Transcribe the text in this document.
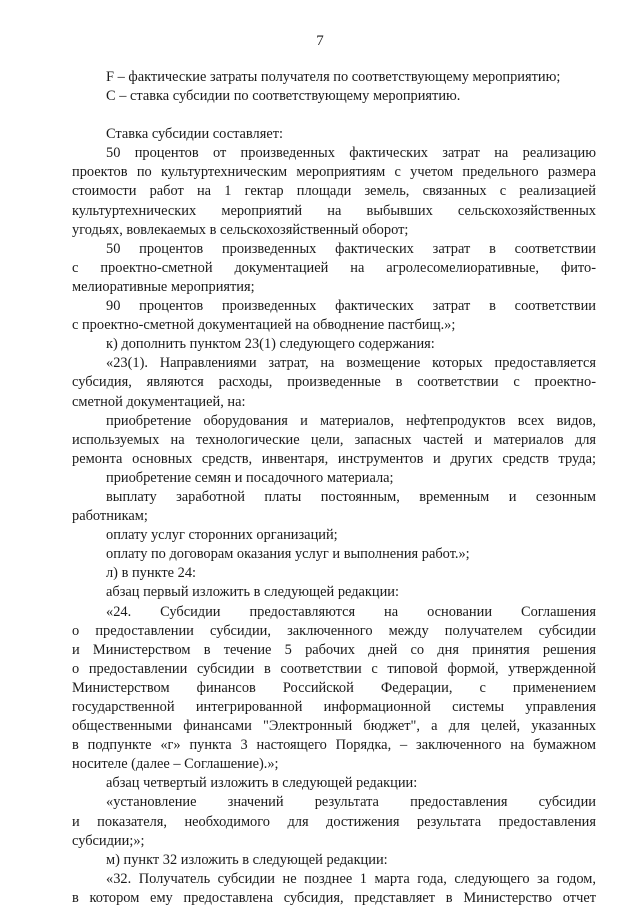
7
F – фактические затраты получателя по соответствующему мероприятию;
C – ставка субсидии по соответствующему мероприятию.
Ставка субсидии составляет:
50 процентов от произведенных фактических затрат на реализацию
проектов по культуртехническим мероприятиям с учетом предельного размера
стоимости работ на 1 гектар площади земель, связанных с реализацией
культуртехнических мероприятий на выбывших сельскохозяйственных
угодьях, вовлекаемых в сельскохозяйственный оборот;
50 процентов произведенных фактических затрат в соответствии
с проектно-сметной документацией на агролесомелиоративные, фито-
мелиоративные мероприятия;
90 процентов произведенных фактических затрат в соответствии
с проектно-сметной документацией на обводнение пастбищ.»;
к) дополнить пунктом 23(1) следующего содержания:
«23(1). Направлениями затрат, на возмещение которых предоставляется
субсидия, являются расходы, произведенные в соответствии с проектно-
сметной документацией, на:
приобретение оборудования и материалов, нефтепродуктов всех видов,
используемых на технологические цели, запасных частей и материалов для
ремонта основных средств, инвентаря, инструментов и других средств труда;
приобретение семян и посадочного материала;
выплату заработной платы постоянным, временным и сезонным
работникам;
оплату услуг сторонних организаций;
оплату по договорам оказания услуг и выполнения работ.»;
л) в пункте 24:
абзац первый изложить в следующей редакции:
«24. Субсидии предоставляются на основании Соглашения
о предоставлении субсидии, заключенного между получателем субсидии
и Министерством в течение 5 рабочих дней со дня принятия решения
о предоставлении субсидии в соответствии с типовой формой, утвержденной
Министерством финансов Российской Федерации, с применением
государственной интегрированной информационной системы управления
общественными финансами "Электронный бюджет", а для целей, указанных
в подпункте «г» пункта 3 настоящего Порядка, – заключенного на бумажном
носителе (далее – Соглашение).»;
абзац четвертый изложить в следующей редакции:
«установление значений результата предоставления субсидии
и показателя, необходимого для достижения результата предоставления
субсидии;»;
м) пункт 32 изложить в следующей редакции:
«32. Получатель субсидии не позднее 1 марта года, следующего за годом,
в котором ему предоставлена субсидия, представляет в Министерство отчет
